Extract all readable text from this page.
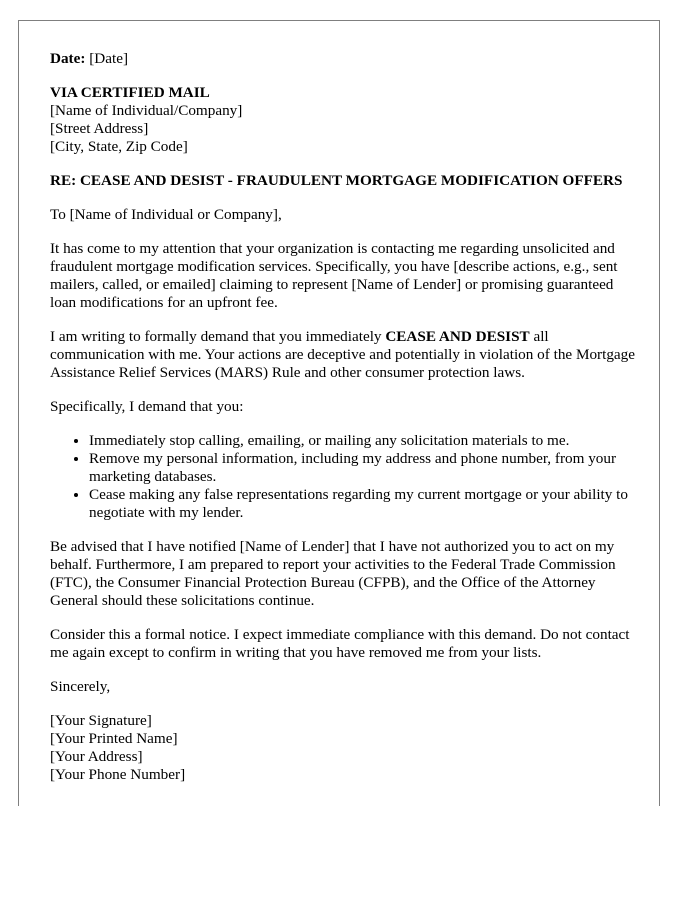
Date: [Date]

VIA CERTIFIED MAIL
[Name of Individual/Company]
[Street Address]
[City, State, Zip Code]

RE: CEASE AND DESIST - FRAUDULENT MORTGAGE MODIFICATION OFFERS

To [Name of Individual or Company],

It has come to my attention that your organization is contacting me regarding unsolicited and fraudulent mortgage modification services. Specifically, you have [describe actions, e.g., sent mailers, called, or emailed] claiming to represent [Name of Lender] or promising guaranteed loan modifications for an upfront fee.

I am writing to formally demand that you immediately CEASE AND DESIST all communication with me. Your actions are deceptive and potentially in violation of the Mortgage Assistance Relief Services (MARS) Rule and other consumer protection laws.

Specifically, I demand that you:

• Immediately stop calling, emailing, or mailing any solicitation materials to me.
• Remove my personal information, including my address and phone number, from your marketing databases.
• Cease making any false representations regarding my current mortgage or your ability to negotiate with my lender.

Be advised that I have notified [Name of Lender] that I have not authorized you to act on my behalf. Furthermore, I am prepared to report your activities to the Federal Trade Commission (FTC), the Consumer Financial Protection Bureau (CFPB), and the Office of the Attorney General should these solicitations continue.

Consider this a formal notice. I expect immediate compliance with this demand. Do not contact me again except to confirm in writing that you have removed me from your lists.

Sincerely,

[Your Signature]
[Your Printed Name]
[Your Address]
[Your Phone Number]
